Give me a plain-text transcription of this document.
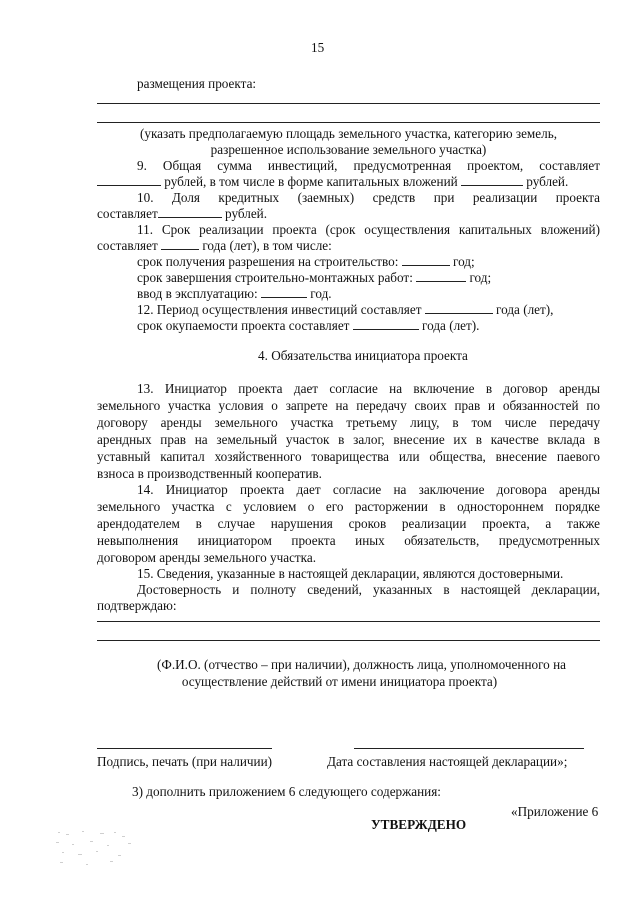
15
размещения проекта:
(указать предполагаемую площадь земельного участка, категорию земель,
разрешенное использование земельного участка)
9. Общая сумма инвестиций, предусмотренная проектом, составляет
рублей, в том числе в форме капитальных вложений	рублей.
10. Доля кредитных (заемных) средств при реализации проекта
составляет	рублей.
11. Срок реализации проекта (срок осуществления капитальных вложений)
составляет	года (лет), в том числе:
срок получения разрешения на строительство:	год;
срок завершения строительно-монтажных работ:	год;
ввод в эксплуатацию:	год.
12. Период осуществления инвестиций составляет	года (лет),
срок окупаемости проекта составляет	года (лет).
4. Обязательства инициатора проекта
13. Инициатор проекта дает согласие на включение в договор аренды
земельного участка условия о запрете на передачу своих прав и обязанностей по
договору аренды земельного участка третьему лицу, в том числе передачу
арендных прав на земельный участок в залог, внесение их в качестве вклада в
уставный капитал хозяйственного товарищества или общества, внесение паевого
взноса в производственный кооператив.
14. Инициатор проекта дает согласие на заключение договора аренды
земельного участка с условием о его расторжении в одностороннем порядке
арендодателем в случае нарушения сроков реализации проекта, а также
невыполнения инициатором проекта иных обязательств, предусмотренных
договором аренды земельного участка.
15. Сведения, указанные в настоящей декларации, являются достоверными.
Достоверность и полноту сведений, указанных в настоящей декларации,
подтверждаю:
(Ф.И.О. (отчество – при наличии), должность лица, уполномоченного на
осуществление действий от имени инициатора проекта)
Подпись, печать (при наличии)	Дата составления настоящей декларации»;
3) дополнить приложением 6 следующего содержания:
«Приложение 6
УТВЕРЖДЕНО
